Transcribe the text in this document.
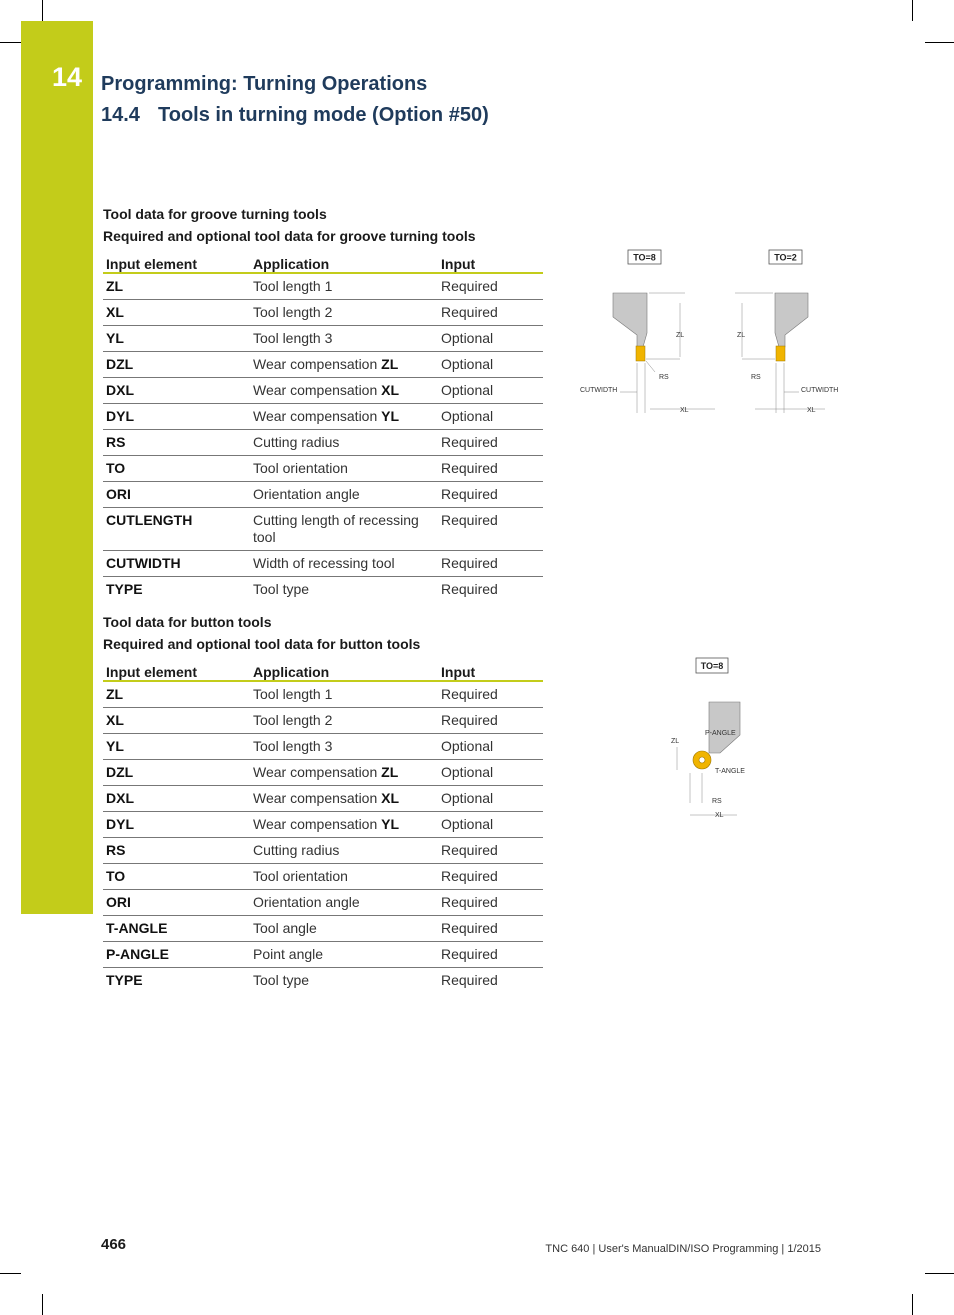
14 Programming: Turning Operations
14.4 Tools in turning mode (Option #50)
Tool data for groove turning tools
Required and optional tool data for groove turning tools
Input element	Application	Input
ZL	Tool length 1	Required
XL	Tool length 2	Required
YL	Tool length 3	Optional
DZL	Wear compensation ZL	Optional
DXL	Wear compensation XL	Optional
DYL	Wear compensation YL	Optional
RS	Cutting radius	Required
TO	Tool orientation	Required
ORI	Orientation angle	Required
CUTLENGTH	Cutting length of recessing tool	Required
CUTWIDTH	Width of recessing tool	Required
TYPE	Tool type	Required
Tool data for button tools
Required and optional tool data for button tools
Input element	Application	Input
ZL	Tool length 1	Required
XL	Tool length 2	Required
YL	Tool length 3	Optional
DZL	Wear compensation ZL	Optional
DXL	Wear compensation XL	Optional
DYL	Wear compensation YL	Optional
RS	Cutting radius	Required
TO	Tool orientation	Required
ORI	Orientation angle	Required
T-ANGLE	Tool angle	Required
P-ANGLE	Point angle	Required
TYPE	Tool type	Required
TO=8	TO=2
ZL
RS
CUTWIDTH
XL
ZL
RS
CUTWIDTH
XL
TO=8
P-ANGLE
ZL
T-ANGLE
RS
XL
466	TNC 640 | User's ManualDIN/ISO Programming | 1/2015
